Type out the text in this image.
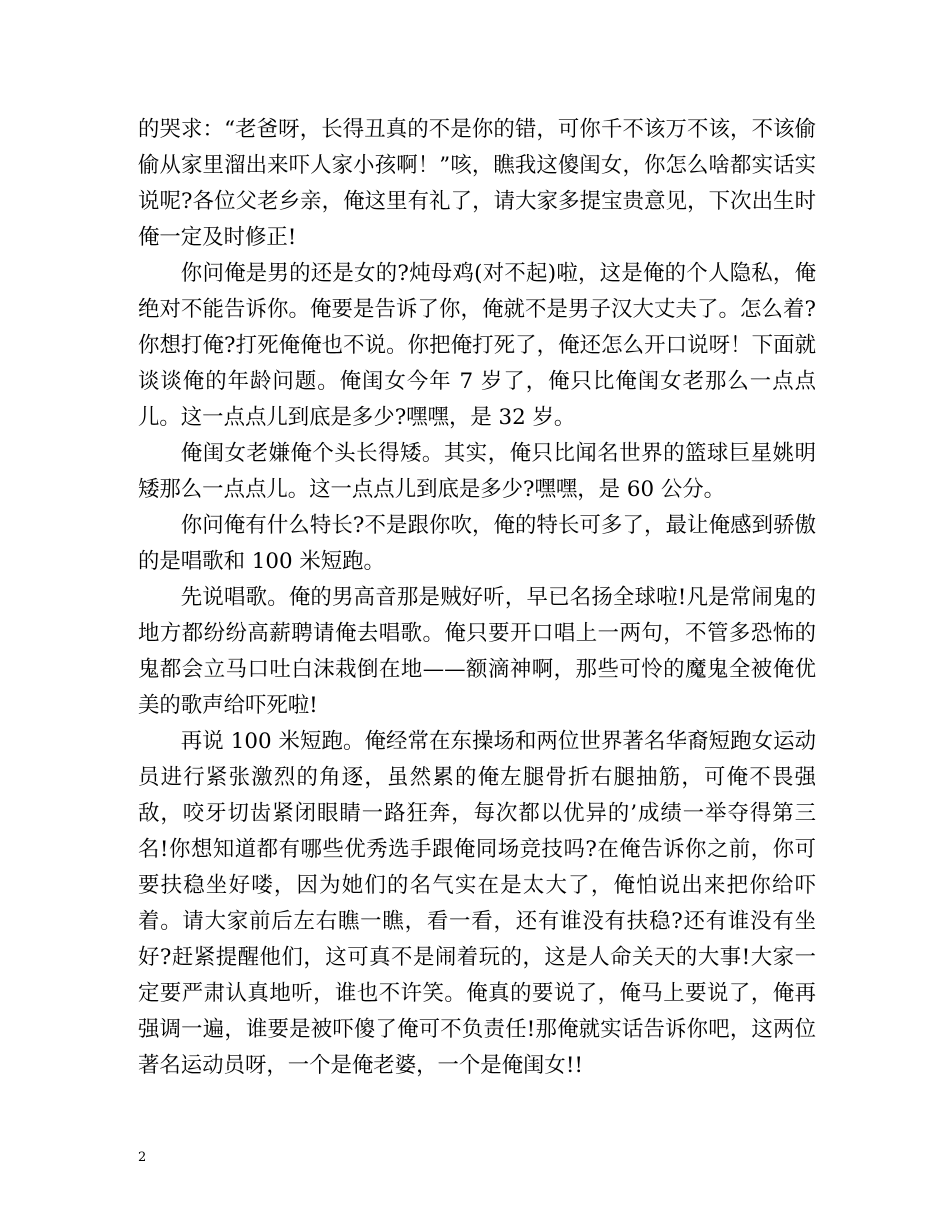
的哭求：“老爸呀，长得丑真的不是你的错，可你千不该万不该，不该偷偷从家里溜出来吓人家小孩啊！”咳，瞧我这傻闺女，你怎么啥都实话实说呢?各位父老乡亲，俺这里有礼了，请大家多提宝贵意见，下次出生时俺一定及时修正!

你问俺是男的还是女的?炖母鸡(对不起)啦，这是俺的个人隐私，俺绝对不能告诉你。俺要是告诉了你，俺就不是男子汉大丈夫了。怎么着?你想打俺?打死俺俺也不说。你把俺打死了，俺还怎么开口说呀！下面就谈谈俺的年龄问题。俺闺女今年 7 岁了，俺只比俺闺女老那么一点点儿。这一点点儿到底是多少?嘿嘿，是 32 岁。

俺闺女老嫌俺个头长得矮。其实，俺只比闻名世界的篮球巨星姚明矮那么一点点儿。这一点点儿到底是多少?嘿嘿，是 60 公分。

你问俺有什么特长?不是跟你吹，俺的特长可多了，最让俺感到骄傲的是唱歌和 100 米短跑。

先说唱歌。俺的男高音那是贼好听，早已名扬全球啦!凡是常闹鬼的地方都纷纷高薪聘请俺去唱歌。俺只要开口唱上一两句，不管多恐怖的鬼都会立马口吐白沫栽倒在地——额滴神啊，那些可怜的魔鬼全被俺优美的歌声给吓死啦!

再说 100 米短跑。俺经常在东操场和两位世界著名华裔短跑女运动员进行紧张激烈的角逐，虽然累的俺左腿骨折右腿抽筋，可俺不畏强敌，咬牙切齿紧闭眼睛一路狂奔，每次都以优异的’成绩一举夺得第三名!你想知道都有哪些优秀选手跟俺同场竞技吗?在俺告诉你之前，你可要扶稳坐好喽，因为她们的名气实在是太大了，俺怕说出来把你给吓着。请大家前后左右瞧一瞧，看一看，还有谁没有扶稳?还有谁没有坐好?赶紧提醒他们，这可真不是闹着玩的，这是人命关天的大事!大家一定要严肃认真地听，谁也不许笑。俺真的要说了，俺马上要说了，俺再强调一遍，谁要是被吓傻了俺可不负责任!那俺就实话告诉你吧，这两位著名运动员呀，一个是俺老婆，一个是俺闺女!!

2
